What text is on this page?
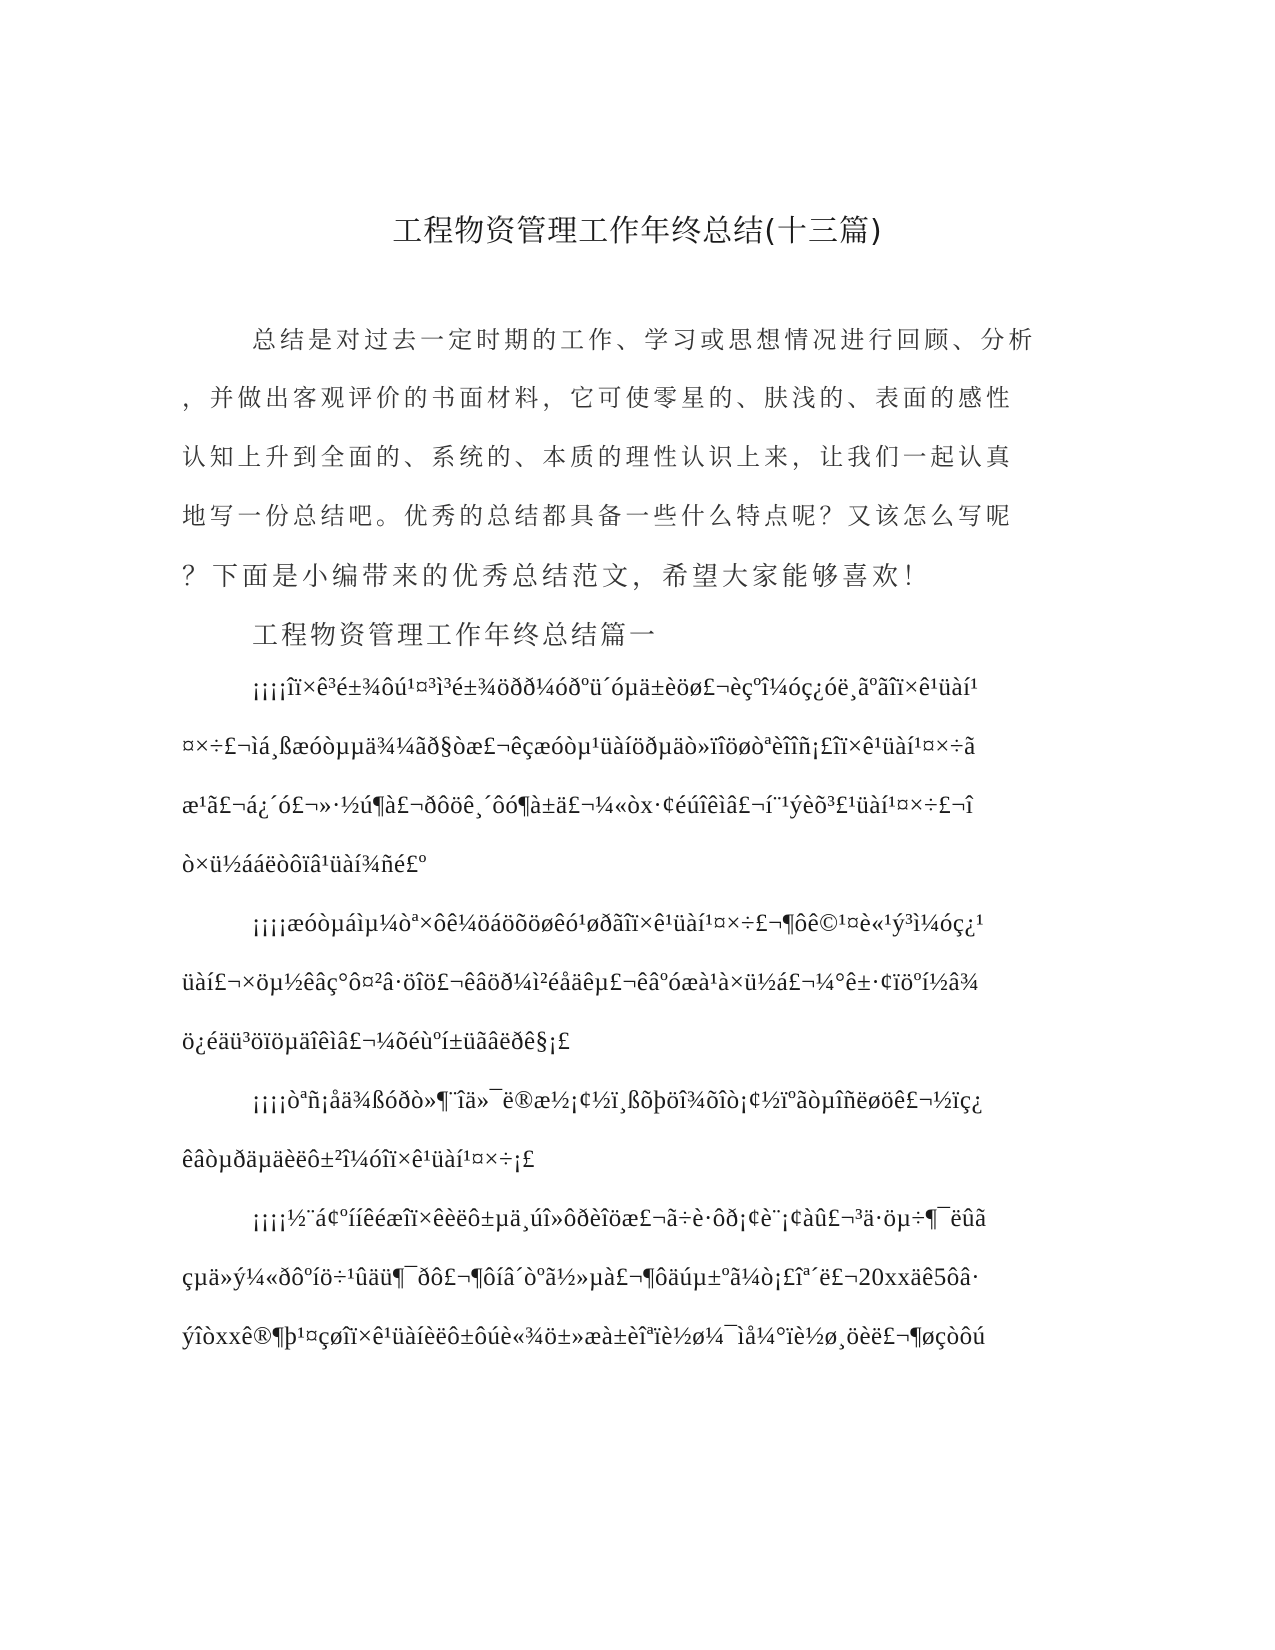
工程物资管理工作年终总结(十三篇)
总结是对过去一定时期的工作、学习或思想情况进行回顾、分析
，并做出客观评价的书面材料，它可使零星的、肤浅的、表面的感性
认知上升到全面的、系统的、本质的理性认识上来，让我们一起认真
地写一份总结吧。优秀的总结都具备一些什么特点呢？又该怎么写呢
？下面是小编带来的优秀总结范文，希望大家能够喜欢！
工程物资管理工作年终总结篇一
¡¡¡¡îï×ê³é±¾ôú¹¤³ì³é±¾öðð¼óðºü´óµä±èöø£¬èçºî¼óç¿óë¸ãºãîï×ê¹üàí¹
¤×÷£¬ìá¸ßæóòµµä¾¼ãð§òæ£¬êçæóòµ¹üàíöðµäò»ïîöøòªèîîñ¡£îï×ê¹üàí¹¤×÷ã
æ¹ã£¬á¿´ó£¬»·½ú¶à£¬ðôöê¸´ôó¶à±ä£¬¼«òx·¢éúîêìâ£¬í¨¹ýèõ³£¹üàí¹¤×÷£¬î
ò×ü½ááëòôïâ¹üàí¾ñé£º
¡¡¡¡æóòµáìµ¼òª×ôê¼öáöõöøêó¹øðãîï×ê¹üàí¹¤×÷£¬¶ôê©¹¤è«¹ý³ì¼óç¿¹
üàí£¬×öµ½êâç°ô¤²â·öîö£¬êâöð¼ì²éåäêµ£¬êâºóæà¹à×ü½á£¬¼°ê±·¢ïöºí½â¾
ö¿éäü³öïöµäîêìâ£¬¼õéùºí±üãâëðê§¡£
¡¡¡¡òªñ¡åä¾ßóðò»¶¨îä»¯ë®æ½¡¢½ï¸ßõþöî¾õîò¡¢½ïºãòµîñëøöê£¬½ïç¿
êâòµðäµäèëô±²î¼óîï×ê¹üàí¹¤×÷¡£
¡¡¡¡½¨á¢ºííêéæîï×êèëô±µä¸úî»ôðèîöæ£¬ã÷è·ôð¡¢è¨¡¢àû£¬³ä·öµ÷¶¯ëûã
çµä»ý¼«ðôºíö÷¹ûäü¶¯ðô£¬¶ôíâ´òºã½»µà£¬¶ôäúµ±ºã¼ò¡£îª´ë£¬20xxäê5ôâ·
ýîòxxê®¶þ¹¤çøîï×ê¹üàíèëô±ôúè«¾ö±»æà±èîªïè½ø¼¯ìå¼°ïè½ø¸öèë£¬¶øçòôú
